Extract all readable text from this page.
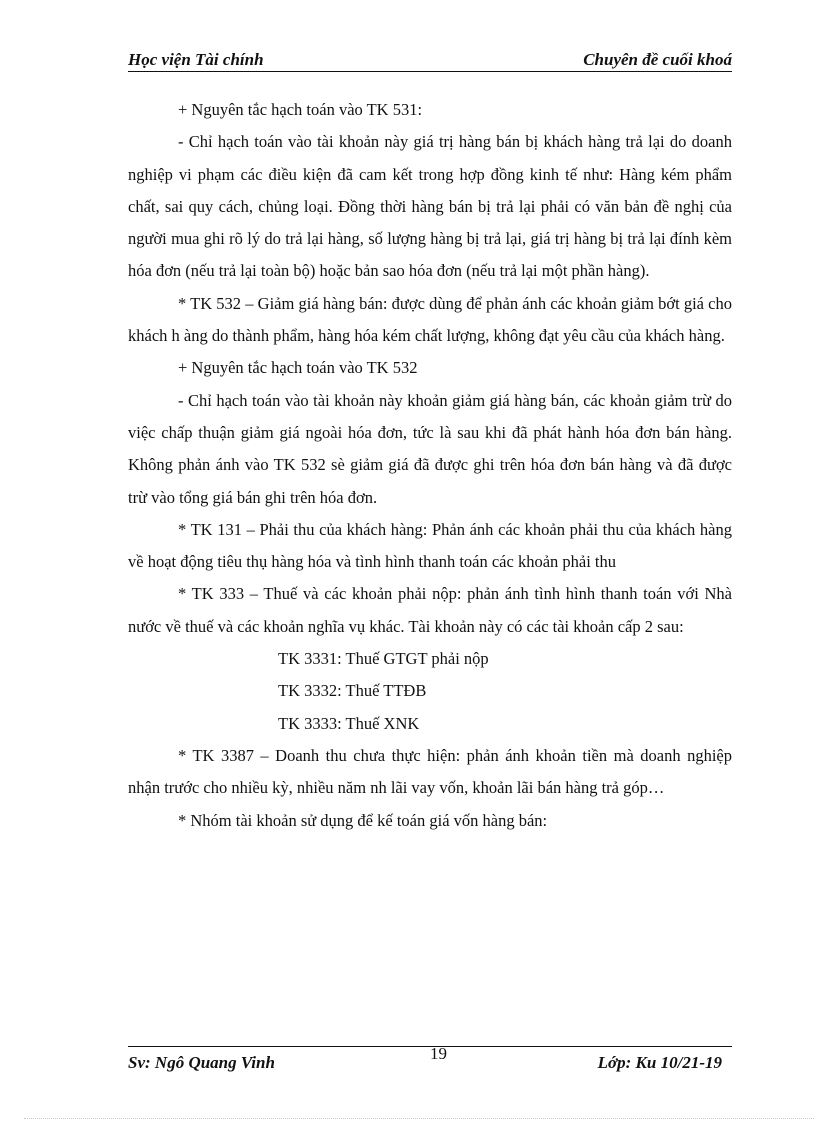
Học viện Tài chính	Chuyên đề cuối khoá

+ Nguyên tắc hạch toán vào TK 531:

- Chỉ hạch toán vào tài khoản này giá trị hàng bán bị khách hàng trả lại do doanh nghiệp vi phạm các điều kiện đã cam kết trong hợp đồng kinh tế như: Hàng kém phẩm chất, sai quy cách, chủng loại. Đồng thời hàng bán bị trả lại phải có văn bản đề nghị của người mua ghi rõ lý do trả lại hàng, số lượng hàng bị trả lại, giá trị hàng bị trả lại đính kèm hóa đơn (nếu trả lại toàn bộ) hoặc bản sao hóa đơn (nếu trả lại một phần hàng).

* TK 532 – Giảm giá hàng bán: được dùng để phản ánh các khoản giảm bớt giá cho khách h àng do thành phẩm, hàng hóa kém chất lượng, không đạt yêu cầu của khách hàng.

+ Nguyên tắc hạch toán vào TK 532

- Chỉ hạch toán vào tài khoản này khoản giảm giá hàng bán, các khoản giảm trừ do việc chấp thuận giảm giá ngoài hóa đơn, tức là sau khi đã phát hành hóa đơn bán hàng. Không phản ánh vào TK 532 sè giảm giá đã được ghi trên hóa đơn bán hàng và đã được trừ vào tổng giá bán ghi trên hóa đơn.

* TK 131 – Phải thu của khách hàng: Phản ánh các khoản phải thu của khách hàng về hoạt động tiêu thụ hàng hóa và tình hình thanh toán các khoản phải thu

* TK 333 – Thuế và các khoản phải nộp: phản ánh tình hình thanh toán với Nhà nước về thuế và các khoản nghĩa vụ khác. Tài khoản này có các tài khoản cấp 2 sau:

TK 3331: Thuế GTGT phải nộp

TK 3332: Thuế TTĐB

TK 3333: Thuế XNK

* TK 3387 – Doanh thu chưa thực hiện: phản ánh khoản tiền mà doanh nghiệp nhận trước cho nhiều kỳ, nhiều năm nh lãi vay vốn, khoản lãi bán hàng trả góp…

* Nhóm tài khoản sử dụng để kế toán giá vốn hàng bán:

Sv: Ngô Quang Vinh	19	Lớp: Ku 10/21-19
